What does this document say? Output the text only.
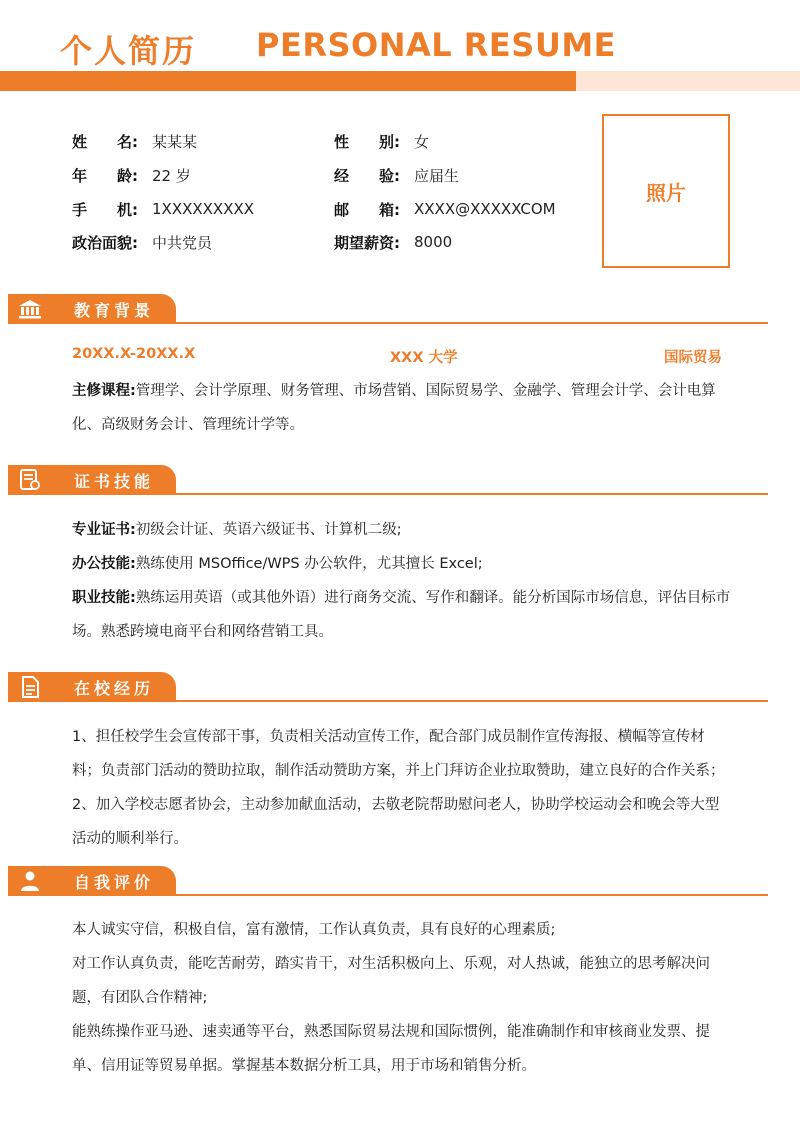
个人简历 PERSONAL RESUME
姓 名: 某某某
年 龄: 22 岁
手 机: 1XXXXXXXXX
政治面貌: 中共党员
性 别: 女
经 验: 应届生
邮 箱: XXXX@XXXXXCOM
期望薪资: 8000
照片
教育背景
20XX.X-20XX.X	XXX 大学	国际贸易
主修课程:管理学、会计学原理、财务管理、市场营销、国际贸易学、金融学、管理会计学、会计电算化、高级财务会计、管理统计学等。
证书技能
专业证书:初级会计证、英语六级证书、计算机二级;
办公技能:熟练使用 MSOffice/WPS 办公软件，尤其擅长 Excel;
职业技能:熟练运用英语（或其他外语）进行商务交流、写作和翻译。能分析国际市场信息，评估目标市场。熟悉跨境电商平台和网络营销工具。
在校经历
1、担任校学生会宣传部干事，负责相关活动宣传工作，配合部门成员制作宣传海报、横幅等宣传材料；负责部门活动的赞助拉取，制作活动赞助方案，并上门拜访企业拉取赞助，建立良好的合作关系；
2、加入学校志愿者协会，主动参加献血活动，去敬老院帮助慰问老人，协助学校运动会和晚会等大型活动的顺利举行。
自我评价
本人诚实守信，积极自信，富有激情，工作认真负责，具有良好的心理素质;
对工作认真负责，能吃苦耐劳，踏实肯干，对生活积极向上、乐观，对人热诚，能独立的思考解决问题，有团队合作精神;
能熟练操作亚马逊、速卖通等平台，熟悉国际贸易法规和国际惯例，能准确制作和审核商业发票、提单、信用证等贸易单据。掌握基本数据分析工具，用于市场和销售分析。
